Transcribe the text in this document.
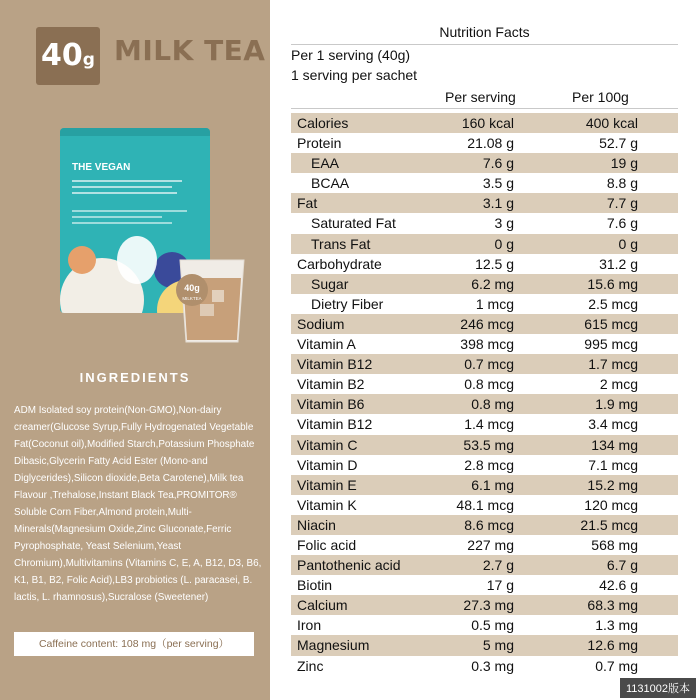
40g MILK TEA
THE VEGAN
40g
MILKTEA
INGREDIENTS
ADM Isolated soy protein(Non-GMO),Non-dairy creamer(Glucose Syrup,Fully Hydrogenated Vegetable Fat(Coconut oil),Modified Starch,Potassium Phosphate Dibasic,Glycerin Fatty Acid Ester (Mono-and Diglycerides),Silicon dioxide,Beta Carotene),Milk tea Flavour ,Trehalose,Instant Black Tea,PROMITOR® Soluble Corn Fiber,Almond protein,Multi-Minerals(Magnesium Oxide,Zinc Gluconate,Ferric Pyrophosphate, Yeast Selenium,Yeast Chromium),Multivitamins (Vitamins C, E, A, B12, D3, B6, K1, B1, B2, Folic Acid),LB3 probiotics (L. paracasei, B. lactis, L. rhamnosus),Sucralose (Sweetener)
Caffeine content: 108 mg（per serving）
Nutrition Facts
Per 1 serving (40g)
1 serving per sachet
Per serving	Per 100g
Calories	160 kcal	400 kcal
Protein	21.08 g	52.7 g
EAA	7.6 g	19 g
BCAA	3.5 g	8.8 g
Fat	3.1 g	7.7 g
Saturated Fat	3 g	7.6 g
Trans Fat	0 g	0 g
Carbohydrate	12.5 g	31.2 g
Sugar	6.2 mg	15.6 mg
Dietry Fiber	1 mcg	2.5 mcg
Sodium	246 mcg	615 mcg
Vitamin A	398 mcg	995 mcg
Vitamin B12	0.7 mcg	1.7 mcg
Vitamin B2	0.8 mcg	2 mcg
Vitamin B6	0.8 mg	1.9 mg
Vitamin B12	1.4 mcg	3.4 mcg
Vitamin C	53.5 mg	134 mg
Vitamin D	2.8 mcg	7.1 mcg
Vitamin E	6.1 mg	15.2 mg
Vitamin K	48.1 mcg	120 mcg
Niacin	8.6 mcg	21.5 mcg
Folic acid	227 mg	568 mg
Pantothenic acid	2.7 g	6.7 g
Biotin	17 g	42.6 g
Calcium	27.3 mg	68.3 mg
Iron	0.5 mg	1.3 mg
Magnesium	5 mg	12.6 mg
Zinc	0.3 mg	0.7 mg
1131002版本
